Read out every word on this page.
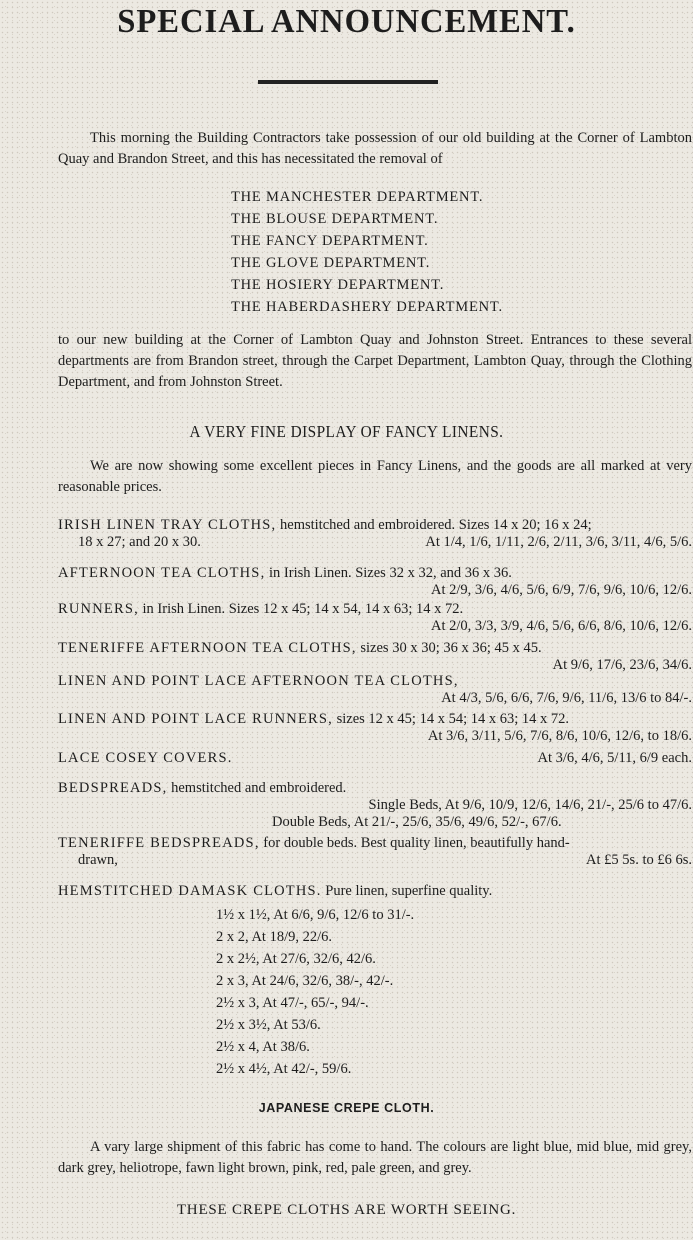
SPECIAL ANNOUNCEMENT.

This morning the Building Contractors take possession of our old building at the Corner of Lambton Quay and Brandon Street, and this has necessitated the removal of

THE MANCHESTER DEPARTMENT.
THE BLOUSE DEPARTMENT.
THE FANCY DEPARTMENT.
THE GLOVE DEPARTMENT.
THE HOSIERY DEPARTMENT.
THE HABERDASHERY DEPARTMENT.

to our new building at the Corner of Lambton Quay and Johnston Street. Entrances to these several departments are from Brandon street, through the Carpet Department, Lambton Quay, through the Clothing Department, and from Johnston Street.

A VERY FINE DISPLAY OF FANCY LINENS.

We are now showing some excellent pieces in Fancy Linens, and the goods are all marked at very reasonable prices.

IRISH LINEN TRAY CLOTHS, hemstitched and embroidered. Sizes 14 x 20; 16 x 24;
18 x 27; and 20 x 30.	At 1/4, 1/6, 1/11, 2/6, 2/11, 3/6, 3/11, 4/6, 5/6.
AFTERNOON TEA CLOTHS, in Irish Linen. Sizes 32 x 32, and 36 x 36.
At 2/9, 3/6, 4/6, 5/6, 6/9, 7/6, 9/6, 10/6, 12/6.
RUNNERS, in Irish Linen. Sizes 12 x 45; 14 x 54, 14 x 63; 14 x 72.
At 2/0, 3/3, 3/9, 4/6, 5/6, 6/6, 8/6, 10/6, 12/6.
TENERIFFE AFTERNOON TEA CLOTHS, sizes 30 x 30; 36 x 36; 45 x 45.
At 9/6, 17/6, 23/6, 34/6.
LINEN AND POINT LACE AFTERNOON TEA CLOTHS,
At 4/3, 5/6, 6/6, 7/6, 9/6, 11/6, 13/6 to 84/-.
LINEN AND POINT LACE RUNNERS, sizes 12 x 45; 14 x 54; 14 x 63; 14 x 72.
At 3/6, 3/11, 5/6, 7/6, 8/6, 10/6, 12/6, to 18/6.
LACE COSEY COVERS.	At 3/6, 4/6, 5/11, 6/9 each.
BEDSPREADS, hemstitched and embroidered.
Single Beds, At 9/6, 10/9, 12/6, 14/6, 21/-, 25/6 to 47/6.
Double Beds, At 21/-, 25/6, 35/6, 49/6, 52/-, 67/6.
TENERIFFE BEDSPREADS, for double beds. Best quality linen, beautifully hand-
drawn,	At £5 5s. to £6 6s.
HEMSTITCHED DAMASK CLOTHS. Pure linen, superfine quality.
1½ x 1½, At 6/6, 9/6, 12/6 to 31/-.
2 x 2, At 18/9, 22/6.
2 x 2½, At 27/6, 32/6, 42/6.
2 x 3, At 24/6, 32/6, 38/-, 42/-.
2½ x 3, At 47/-, 65/-, 94/-.
2½ x 3½, At 53/6.
2½ x 4, At 38/6.
2½ x 4½, At 42/-, 59/6.
JAPANESE CREPE CLOTH.

A vary large shipment of this fabric has come to hand. The colours are light blue, mid blue, mid grey, dark grey, heliotrope, fawn light brown, pink, red, pale green, and grey.

THESE CREPE CLOTHS ARE WORTH SEEING.
